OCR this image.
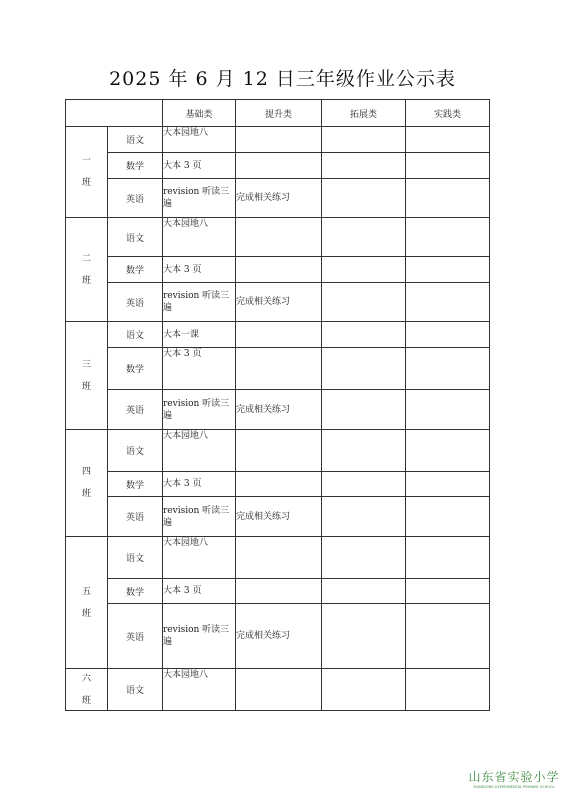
2025 年 6 月 12 日三年级作业公示表
		基础类	提升类	拓展类	实践类

一
班	语文	大本园地八			
	数学	大本 3 页			
	英语	revision 听读三遍	完成相关练习		

二
班	语文	大本园地八			
	数学	大本 3 页			
	英语	revision 听读三遍	完成相关练习		

三
班	语文	大本一课			
	数学	大本 3 页			
	英语	revision 听读三遍	完成相关练习		

四
班	语文	大本园地八			
	数学	大本 3 页			
	英语	revision 听读三遍	完成相关练习		

五
班	语文	大本园地八			
	数学	大本 3 页			
	英语	revision 听读三遍	完成相关练习		

六
班	语文	大本园地八			
山东省实验小学
SHANDONG EXPERIMENTAL PRIMARY SCHOOL
